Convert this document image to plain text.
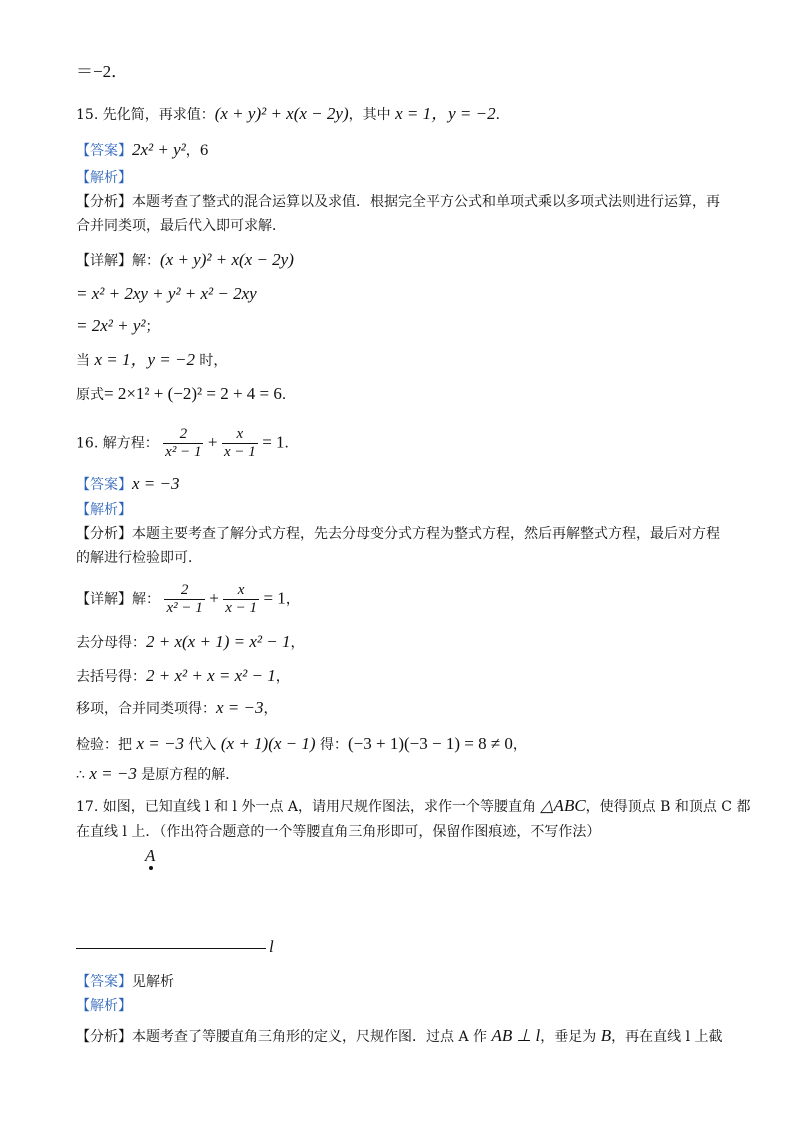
＝−2．
15. 先化简，再求值：(x + y)² + x(x − 2y)，其中 x = 1，y = −2．
【答案】2x² + y²，6
【解析】
【分析】本题考查了整式的混合运算以及求值．根据完全平方公式和单项式乘以多项式法则进行运算，再
合并同类项，最后代入即可求解．
【详解】解：(x + y)² + x(x − 2y)
= x² + 2xy + y² + x² − 2xy
= 2x² + y²；
当 x = 1，y = −2 时，
原式= 2×1² + (−2)² = 2 + 4 = 6．
16. 解方程： $\frac{2}{\text{x² − 1}} + \frac{x}{x - 1} = 1$．
【答案】x = −3
【解析】
【分析】本题主要考查了解分式方程，先去分母变分式方程为整式方程，然后再解整式方程，最后对方程
的解进行检验即可．
【详解】解： $\frac{2}{\text{x² − 1}} + \frac{x}{x - 1} = 1$，
去分母得：2 + x(x + 1) = x² − 1，
去括号得：2 + x² + x = x² − 1，
移项，合并同类项得：x = −3，
检验：把 x = −3 代入 (x + 1)(x − 1) 得：(−3 + 1)(−3 − 1) = 8 ≠ 0，
∴ x = −3 是原方程的解．
17. 如图，已知直线 l 和 l 外一点 A，请用尺规作图法，求作一个等腰直角 △ABC，使得顶点 B 和顶点 C 都
在直线 l 上．（作出符合题意的一个等腰直角三角形即可，保留作图痕迹，不写作法）
A
l
【答案】见解析
【解析】
【分析】本题考查了等腰直角三角形的定义，尺规作图．过点 A 作 AB ⊥ l，垂足为 B，再在直线 l 上截
